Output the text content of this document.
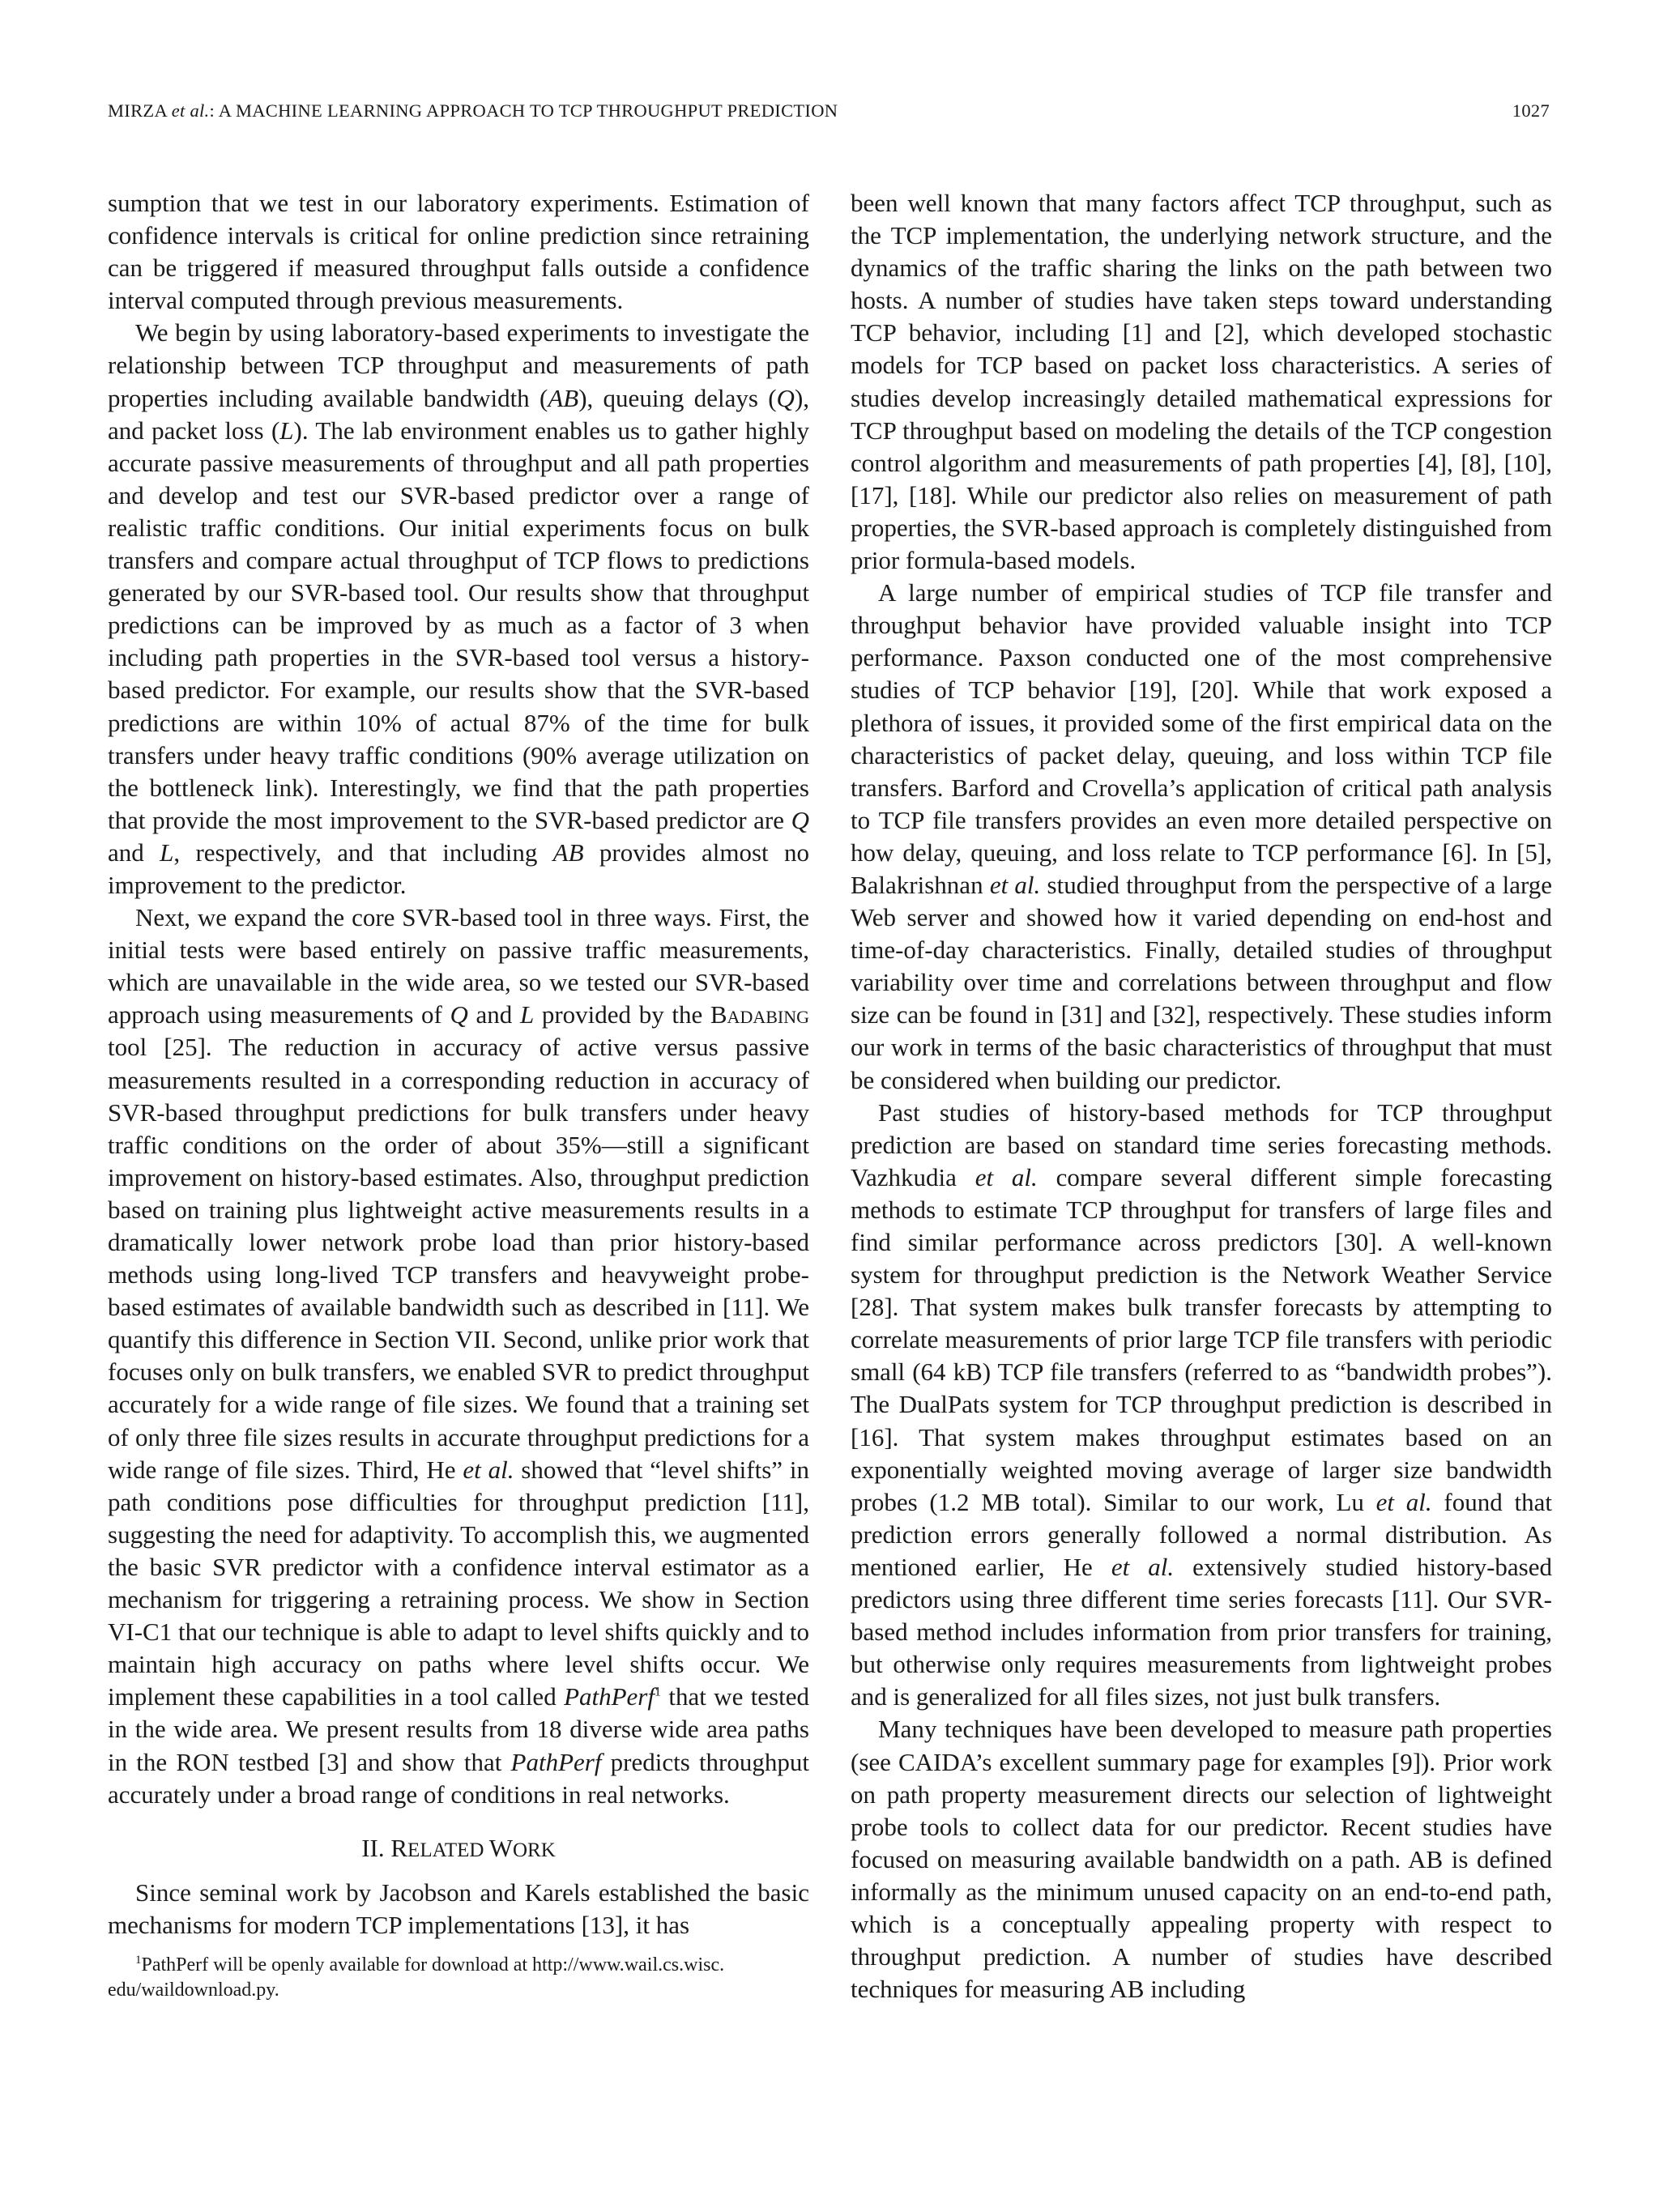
MIRZA et al.: A MACHINE LEARNING APPROACH TO TCP THROUGHPUT PREDICTION	1027

sumption that we test in our laboratory experiments. Estimation of confidence intervals is critical for online prediction since retraining can be triggered if measured throughput falls outside a confidence interval computed through previous measurements.

We begin by using laboratory-based experiments to investigate the relationship between TCP throughput and measurements of path properties including available bandwidth (AB), queuing delays (Q), and packet loss (L). The lab environment enables us to gather highly accurate passive measurements of throughput and all path properties and develop and test our SVR-based predictor over a range of realistic traffic conditions. Our initial experiments focus on bulk transfers and compare actual throughput of TCP flows to predictions generated by our SVR-based tool. Our results show that throughput predictions can be improved by as much as a factor of 3 when including path properties in the SVR-based tool versus a history-based predictor. For example, our results show that the SVR-based predictions are within 10% of actual 87% of the time for bulk transfers under heavy traffic conditions (90% average utilization on the bottleneck link). Interestingly, we find that the path properties that provide the most improvement to the SVR-based predictor are Q and L, respectively, and that including AB provides almost no improvement to the predictor.

Next, we expand the core SVR-based tool in three ways. First, the initial tests were based entirely on passive traffic measurements, which are unavailable in the wide area, so we tested our SVR-based approach using measurements of Q and L provided by the Badabing tool [25]. The reduction in accuracy of active versus passive measurements resulted in a corresponding reduction in accuracy of SVR-based throughput predictions for bulk transfers under heavy traffic conditions on the order of about 35%—still a significant improvement on history-based estimates. Also, throughput prediction based on training plus lightweight active measurements results in a dramatically lower network probe load than prior history-based methods using long-lived TCP transfers and heavyweight probe-based estimates of available bandwidth such as described in [11]. We quantify this difference in Section VII. Second, unlike prior work that focuses only on bulk transfers, we enabled SVR to predict throughput accurately for a wide range of file sizes. We found that a training set of only three file sizes results in accurate throughput predictions for a wide range of file sizes. Third, He et al. showed that “level shifts” in path conditions pose difficulties for throughput prediction [11], suggesting the need for adaptivity. To accomplish this, we augmented the basic SVR predictor with a confidence interval estimator as a mechanism for triggering a retraining process. We show in Section VI-C1 that our technique is able to adapt to level shifts quickly and to maintain high accuracy on paths where level shifts occur. We implement these capabilities in a tool called PathPerf$^1$ that we tested in the wide area. We present results from 18 diverse wide area paths in the RON testbed [3] and show that PathPerf predicts throughput accurately under a broad range of conditions in real networks.

II. RELATED WORK

Since seminal work by Jacobson and Karels established the basic mechanisms for modern TCP implementations [13], it has

$^1$PathPerf will be openly available for download at http://www.wail.cs.wisc. edu/waildownload.py.

been well known that many factors affect TCP throughput, such as the TCP implementation, the underlying network structure, and the dynamics of the traffic sharing the links on the path between two hosts. A number of studies have taken steps toward understanding TCP behavior, including [1] and [2], which developed stochastic models for TCP based on packet loss characteristics. A series of studies develop increasingly detailed mathematical expressions for TCP throughput based on modeling the details of the TCP congestion control algorithm and measurements of path properties [4], [8], [10], [17], [18]. While our predictor also relies on measurement of path properties, the SVR-based approach is completely distinguished from prior formula-based models.

A large number of empirical studies of TCP file transfer and throughput behavior have provided valuable insight into TCP performance. Paxson conducted one of the most comprehensive studies of TCP behavior [19], [20]. While that work exposed a plethora of issues, it provided some of the first empirical data on the characteristics of packet delay, queuing, and loss within TCP file transfers. Barford and Crovella’s application of critical path analysis to TCP file transfers provides an even more detailed perspective on how delay, queuing, and loss relate to TCP performance [6]. In [5], Balakrishnan et al. studied throughput from the perspective of a large Web server and showed how it varied depending on end-host and time-of-day characteristics. Finally, detailed studies of throughput variability over time and correlations between throughput and flow size can be found in [31] and [32], respectively. These studies inform our work in terms of the basic characteristics of throughput that must be considered when building our predictor.

Past studies of history-based methods for TCP throughput prediction are based on standard time series forecasting methods. Vazhkudia et al. compare several different simple forecasting methods to estimate TCP throughput for transfers of large files and find similar performance across predictors [30]. A well-known system for throughput prediction is the Network Weather Service [28]. That system makes bulk transfer forecasts by attempting to correlate measurements of prior large TCP file transfers with periodic small (64 kB) TCP file transfers (referred to as “bandwidth probes”). The DualPats system for TCP throughput prediction is described in [16]. That system makes throughput estimates based on an exponentially weighted moving average of larger size bandwidth probes (1.2 MB total). Similar to our work, Lu et al. found that prediction errors generally followed a normal distribution. As mentioned earlier, He et al. extensively studied history-based predictors using three different time series forecasts [11]. Our SVR-based method includes information from prior transfers for training, but otherwise only requires measurements from lightweight probes and is generalized for all files sizes, not just bulk transfers.

Many techniques have been developed to measure path properties (see CAIDA’s excellent summary page for examples [9]). Prior work on path property measurement directs our selection of lightweight probe tools to collect data for our predictor. Recent studies have focused on measuring available bandwidth on a path. AB is defined informally as the minimum unused capacity on an end-to-end path, which is a conceptually appealing property with respect to throughput prediction. A number of studies have described techniques for measuring AB including
